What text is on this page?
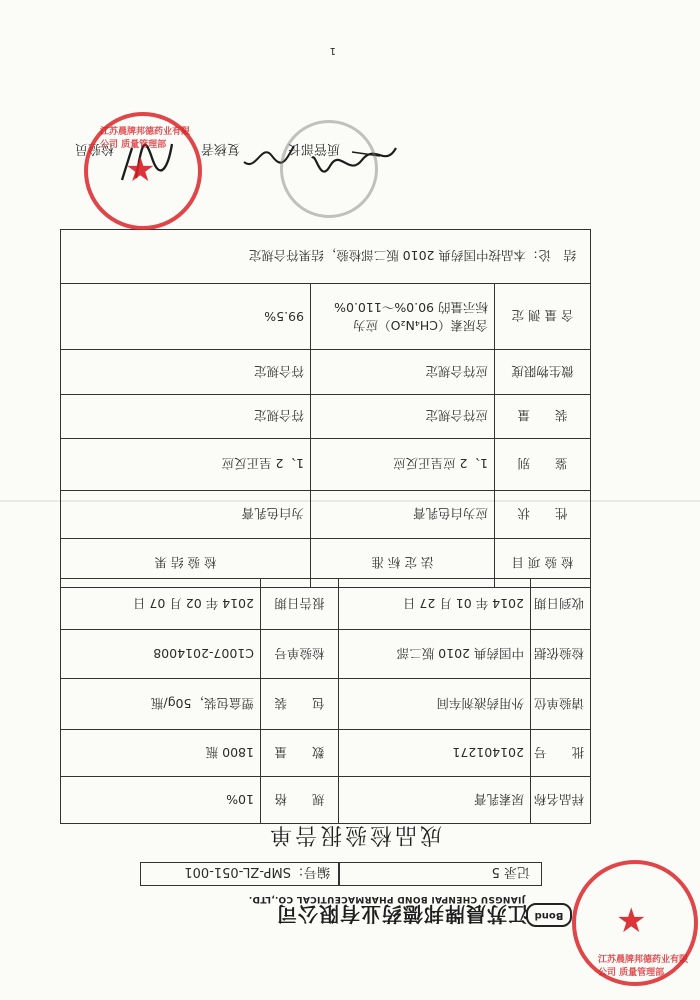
Bond
江苏晨牌邦德药业有限公司
JIANGSU CHENPAI BOND PHARMACEUTICAL CO.,LTD.
记录 5
编号：SMP-ZL-051-001

样品名称	尿素乳膏	规　　格	10%
批　　号	201401271	数　　量	1800 瓶
请验单位	外用药液剂车间	包　　装	塑盒包装，50g/瓶
检验依据	中国药典 2010 版二部	检验单号	C1007-2014008
收到日期	2014 年 01 月 27 日	报告日期	2014 年 02 月 07 日
检 验 项 目	法 定 标 准	检 验 结 果
性　　状	应为白色乳膏	为白色乳膏
鉴　　别	1、2 应呈正反应	1、2 呈正反应
装　　量	应符合规定	符合规定
微生物限度	应符合规定	符合规定
含 量 测 定	含尿素（CH₄N₂O）应为
标示量的 90.0%～110.0%	99.5%
结　论：本品按中国药典 2010 版二部检验，结果符合规定		
成品检验报告单
质管部长
检验员
1
复核者
★
江苏晨牌邦德药业有限公司 质量管理部
★
江苏晨牌邦德药业有限公司 质量管理部
